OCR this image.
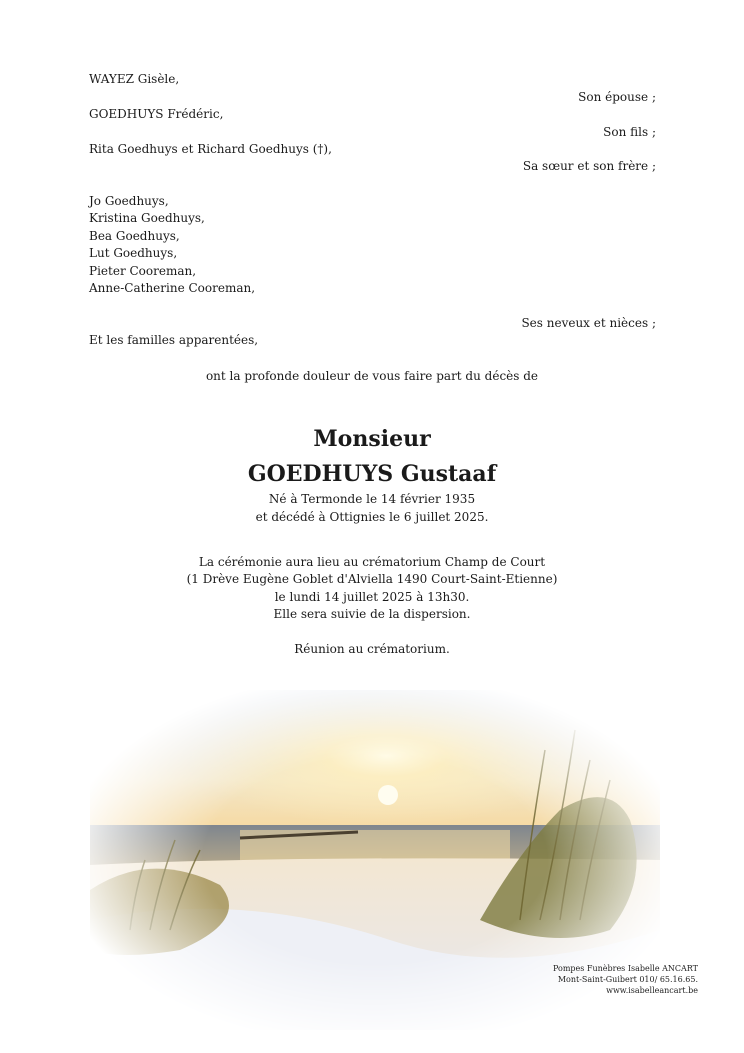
WAYEZ Gisèle,
Son épouse ;
GOEDHUYS Frédéric,
Son fils ;
Rita Goedhuys et Richard Goedhuys (†),
Sa sœur et son frère ;
Jo Goedhuys,
Kristina Goedhuys,
Bea Goedhuys,
Lut Goedhuys,
Pieter Cooreman,
Anne-Catherine Cooreman,
Ses neveux et nièces ;
Et les familles apparentées,
ont la profonde douleur de vous faire part du décès de
Monsieur
GOEDHUYS Gustaaf
Né à Termonde le 14 février 1935
et décédé à Ottignies le 6 juillet 2025.
La cérémonie aura lieu au crématorium Champ de Court
(1 Drève Eugène Goblet d'Alviella 1490 Court-Saint-Etienne)
le lundi 14 juillet 2025 à 13h30.
Elle sera suivie de la dispersion.
Réunion au crématorium.
Pompes Funèbres Isabelle ANCART
Mont-Saint-Guibert 010/ 65.16.65.
www.isabelleancart.be
